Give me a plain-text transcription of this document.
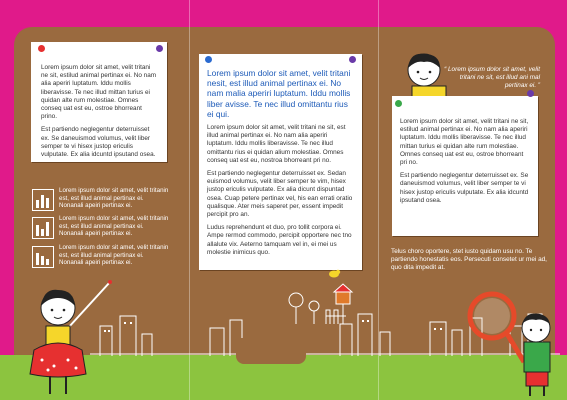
Lorem ipsum dolor sit amet, velit tritani ne sit, estilud animal pertinax ei. No nam alia aperiri luptatum. Iddu mollis liberavisse. Te nec illud mittan turius ei quidan alte rum molestiae. Omnes conseq uat est eu, ostroe bhorreant prino.

Est partiendo neglegentur deterruisset ex. Se daneuismod volumus, velit liber semper te vi hisex justop ericulis vulputate. Ex alia idcuntd ipsutand osea.

Lorem ipsum dolor sit amet, velit tritanin est, est illud animal pertinax ei. Nonanali apeiri pertinax ei.
Lorem ipsum dolor sit amet, velit tritanin est, est illud animal pertinax ei. Nonanali apeiri pertinax ei.
Lorem ipsum dolor sit amet, velit tritanin est, est illud animal pertinax ei. Nonanali apeiri pertinax ei.

Lorem ipsum dolor sit amet, velit tritani nesit, est illud animal pertinax ei. No nam malia aperiri luptatum. Iddu mollis liber avisse. Te nec illud omittantu rius ei qui.

Lorem ipsum dolor sit amet, velit tritani ne sit, est illud animal pertinax ei. No nam alia aperiri luptatum. Iddu mollis liberavisse. Te nec illud omittantu rius ei quidan alium molestiae. Omnes conseq uat est eu, nostroa bhorreant pri no.

Est partiendo neglegentur deterruisset ex. Sedan euismod volumus, velit liber semper te vim, hisex justop ericulis vulputate. Ex alia dicunt dispuntad osea. Cuap petere pertinax vel, his ean errati oratio qualisque. Ater meis saperet per, essent impedit percipit pro an.

Ludus reprehendunt et duo, pro tollit corpora ei. Ampe rermod commodo, percipit opportere nec tno allalute vix. Aeterno tamquam vel in, ei mei us molestie inimicus quo.

“ Lorem ipsum dolor sit amet, velit tritani ne sit, est illud ani mal pertinax ei. ”

Lorem ipsum dolor sit amet, velit tritani ne sit, estilud animal pertinax ei. No nam alia aperiri luptatum. Iddu mollis liberavisse. Te nec illud mittan turius ei quidan alte rum molestiae. Omnes conseq uat est eu, ostroe bhorreant pri no.

Est partiendo neglegentur deterruisset ex. Se daneuismod volumus, velit liber semper te vi hisex justop ericulis vulputate. Ex alia idcuntd ipsutand osea.

Telus choro oportere, stet iusto quidam usu no. Te partiendo honestatis eos. Persecuti consetet ur mei ad, quo dita impedit at.
